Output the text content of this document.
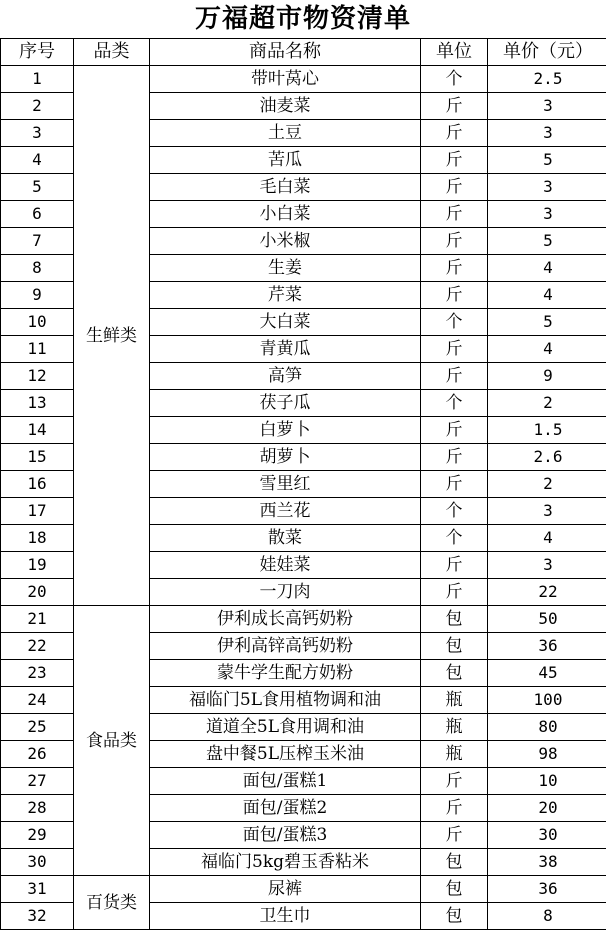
万福超市物资清单
序号	品类	商品名称	单位	单价（元）
1	生鲜类	带叶莴心	个	2.5
2		油麦菜	斤	3
3		土豆	斤	3
4		苦瓜	斤	5
5		毛白菜	斤	3
6		小白菜	斤	3
7		小米椒	斤	5
8		生姜	斤	4
9		芹菜	斤	4
10		大白菜	个	5
11		青黄瓜	斤	4
12		高笋	斤	9
13		茯子瓜	个	2
14		白萝卜	斤	1.5
15		胡萝卜	斤	2.6
16		雪里红	斤	2
17		西兰花	个	3
18		散菜	个	4
19		娃娃菜	斤	3
20		一刀肉	斤	22
21	食品类	伊利成长高钙奶粉	包	50
22		伊利高锌高钙奶粉	包	36
23		蒙牛学生配方奶粉	包	45
24		福临门5L食用植物调和油	瓶	100
25		道道全5L食用调和油	瓶	80
26		盘中餐5L压榨玉米油	瓶	98
27		面包/蛋糕1	斤	10
28		面包/蛋糕2	斤	20
29		面包/蛋糕3	斤	30
30		福临门5kg碧玉香粘米	包	38
31	百货类	尿裤	包	36
32		卫生巾	包	8
